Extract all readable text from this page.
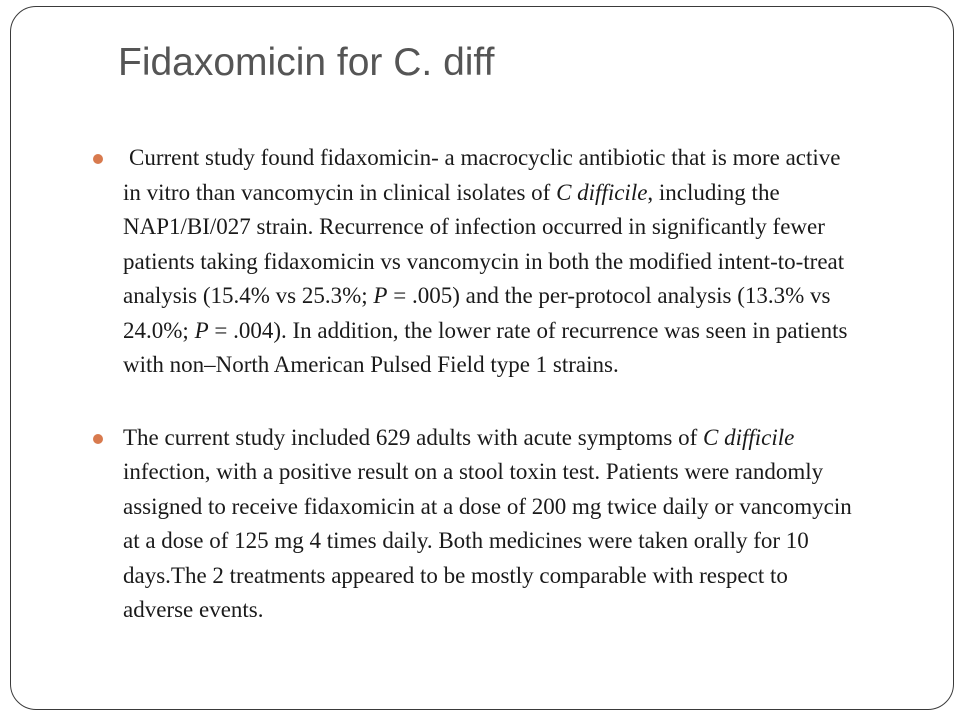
Fidaxomicin for C. diff
Current study found fidaxomicin- a macrocyclic antibiotic that is more active in vitro than vancomycin in clinical isolates of C difficile, including the NAP1/BI/027 strain. Recurrence of infection occurred in significantly fewer patients taking fidaxomicin vs vancomycin in both the modified intent-to-treat analysis (15.4% vs 25.3%; P = .005) and the per-protocol analysis (13.3% vs 24.0%; P = .004). In addition, the lower rate of recurrence was seen in patients with non–North American Pulsed Field type 1 strains.
The current study included 629 adults with acute symptoms of C difficile infection, with a positive result on a stool toxin test. Patients were randomly assigned to receive fidaxomicin at a dose of 200 mg twice daily or vancomycin at a dose of 125 mg 4 times daily. Both medicines were taken orally for 10 days.The 2 treatments appeared to be mostly comparable with respect to adverse events.
